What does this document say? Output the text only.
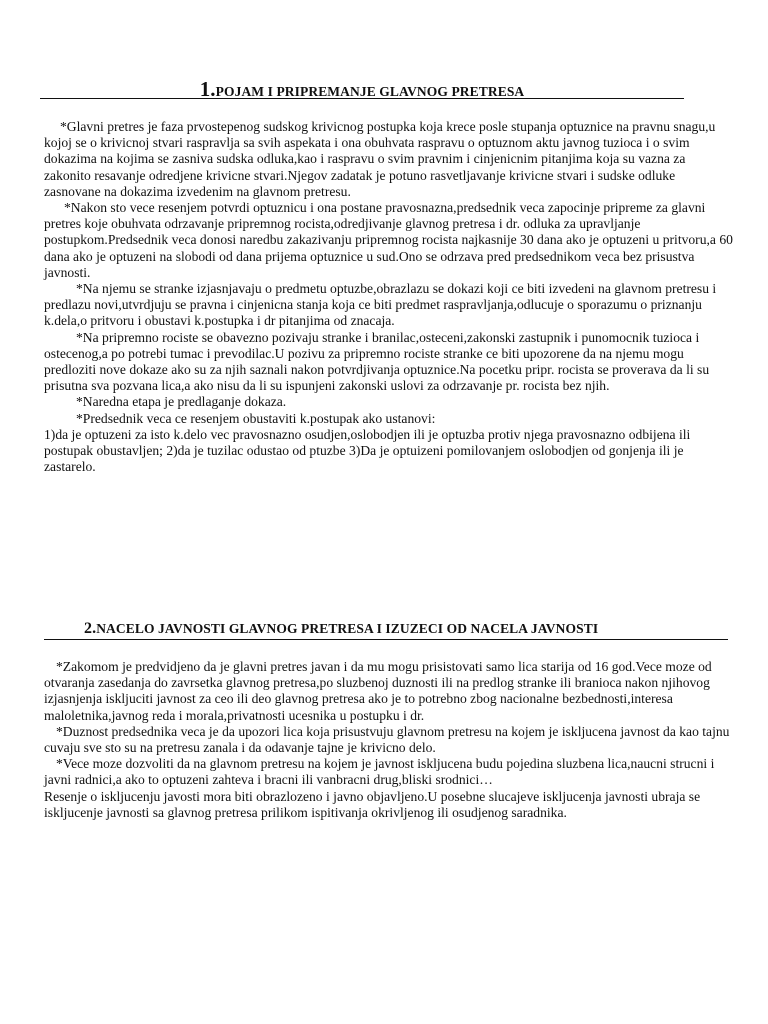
1.POJAM I PRIPREMANJE GLAVNOG PRETRESA

*Glavni pretres je faza prvostepenog sudskog krivicnog postupka koja krece posle stupanja optuznice na pravnu snagu,u kojoj se o krivicnoj stvari raspravlja sa svih aspekata i ona obuhvata raspravu o optuznom aktu javnog tuzioca i o svim dokazima na kojima se zasniva sudska odluka,kao i raspravu o svim pravnim i cinjenicnim pitanjima koja su vazna za zakonito resavanje odredjene krivicne stvari.Njegov zadatak je potuno rasvetljavanje krivicne stvari i sudske odluke zasnovane na dokazima izvedenim na glavnom pretresu.

*Nakon sto vece resenjem potvrdi optuznicu i ona postane pravosnazna,predsednik veca zapocinje pripreme za glavni pretres koje obuhvata odrzavanje pripremnog rocista,odredjivanje glavnog pretresa i dr. odluka za upravljanje postupkom.Predsednik veca donosi naredbu zakazivanju pripremnog rocista najkasnije 30 dana ako je optuzeni u pritvoru,a 60 dana ako je optuzeni na slobodi od dana prijema optuznice u sud.Ono se odrzava pred predsednikom veca bez prisustva javnosti.

*Na njemu se stranke izjasnjavaju o predmetu optuzbe,obrazlazu se dokazi koji ce biti izvedeni na glavnom pretresu i predlazu novi,utvrdjuju se pravna i cinjenicna stanja koja ce biti predmet raspravljanja,odlucuje o sporazumu o priznanju k.dela,o pritvoru i obustavi k.postupka i dr pitanjima od znacaja.

*Na pripremno rociste se obavezno pozivaju stranke i branilac,osteceni,zakonski zastupnik i punomocnik tuzioca i ostecenog,a po potrebi tumac i prevodilac.U pozivu za pripremno rociste stranke ce biti upozorene da na njemu mogu predloziti nove dokaze ako su za njih saznali nakon potvrdjivanja optuznice.Na pocetku pripr. rocista se proverava da li su prisutna sva pozvana lica,a ako nisu da li su ispunjeni zakonski uslovi za odrzavanje pr. rocista bez njih.

*Naredna etapa je predlaganje dokaza.

*Predsednik veca ce resenjem obustaviti k.postupak ako ustanovi:

1)da je optuzeni za isto k.delo vec pravosnazno osudjen,oslobodjen ili je optuzba protiv njega pravosnazno odbijena ili postupak obustavljen; 2)da je tuzilac odustao od ptuzbe 3)Da je optuizeni pomilovanjem oslobodjen od gonjenja ili je zastarelo.

2.NACELO JAVNOSTI GLAVNOG PRETRESA I IZUZECI OD NACELA JAVNOSTI

*Zakomom je predvidjeno da je glavni pretres javan i da mu mogu prisistovati samo lica starija od 16 god.Vece moze od otvaranja zasedanja do zavrsetka glavnog pretresa,po sluzbenoj duznosti ili na predlog stranke ili branioca nakon njihovog izjasnjenja iskljuciti javnost za ceo ili deo glavnog pretresa ako je to potrebno zbog nacionalne bezbednosti,interesa maloletnika,javnog reda i morala,privatnosti ucesnika u postupku i dr.

*Duznost predsednika veca je da upozori lica koja prisustvuju glavnom pretresu na kojem je iskljucena javnost da kao tajnu cuvaju sve sto su na pretresu zanala i da odavanje tajne je krivicno delo.

*Vece moze dozvoliti da na glavnom pretresu na kojem je javnost iskljucena budu pojedina sluzbena lica,naucni strucni i javni radnici,a ako to optuzeni zahteva i bracni ili vanbracni drug,bliski srodnici…

Resenje o iskljucenju javosti mora biti obrazlozeno i javno objavljeno.U posebne slucajeve iskljucenja javnosti ubraja se iskljucenje javnosti sa glavnog pretresa prilikom ispitivanja okrivljenog ili osudjenog saradnika.
